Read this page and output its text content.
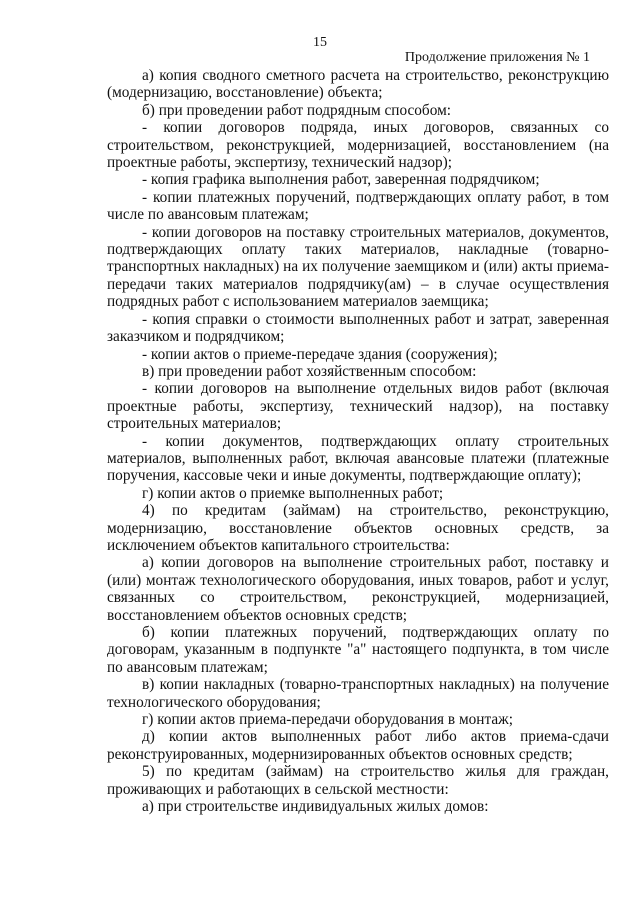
15
Продолжение приложения № 1

а) копия сводного сметного расчета на строительство, реконструкцию (модернизацию, восстановление) объекта;

б) при проведении работ подрядным способом:

- копии договоров подряда, иных договоров, связанных со строительством, реконструкцией, модернизацией, восстановлением (на проектные работы, экспертизу, технический надзор);

- копия графика выполнения работ, заверенная подрядчиком;

- копии платежных поручений, подтверждающих оплату работ, в том числе по авансовым платежам;

- копии договоров на поставку строительных материалов, документов, подтверждающих оплату таких материалов, накладные (товарно-транспортных накладных) на их получение заемщиком и (или) акты приема-передачи таких материалов подрядчику(ам) – в случае осуществления подрядных работ с использованием материалов заемщика;

- копия справки о стоимости выполненных работ и затрат, заверенная заказчиком и подрядчиком;

- копии актов о приеме-передаче здания (сооружения);

в) при проведении работ хозяйственным способом:

- копии договоров на выполнение отдельных видов работ (включая проектные работы, экспертизу, технический надзор), на поставку строительных материалов;

- копии документов, подтверждающих оплату строительных материалов, выполненных работ, включая авансовые платежи (платежные поручения, кассовые чеки и иные документы, подтверждающие оплату);

г) копии актов о приемке выполненных работ;

4) по кредитам (займам) на строительство, реконструкцию, модернизацию, восстановление объектов основных средств, за исключением объектов капитального строительства:

а) копии договоров на выполнение строительных работ, поставку и (или) монтаж технологического оборудования, иных товаров, работ и услуг, связанных со строительством, реконструкцией, модернизацией, восстановлением объектов основных средств;

б) копии платежных поручений, подтверждающих оплату по договорам, указанным в подпункте "а" настоящего подпункта, в том числе по авансовым платежам;

в) копии накладных (товарно-транспортных накладных) на получение технологического оборудования;

г) копии актов приема-передачи оборудования в монтаж;

д) копии актов выполненных работ либо актов приема-сдачи реконструированных, модернизированных объектов основных средств;

5) по кредитам (займам) на строительство жилья для граждан, проживающих и работающих в сельской местности:

а) при строительстве индивидуальных жилых домов:
